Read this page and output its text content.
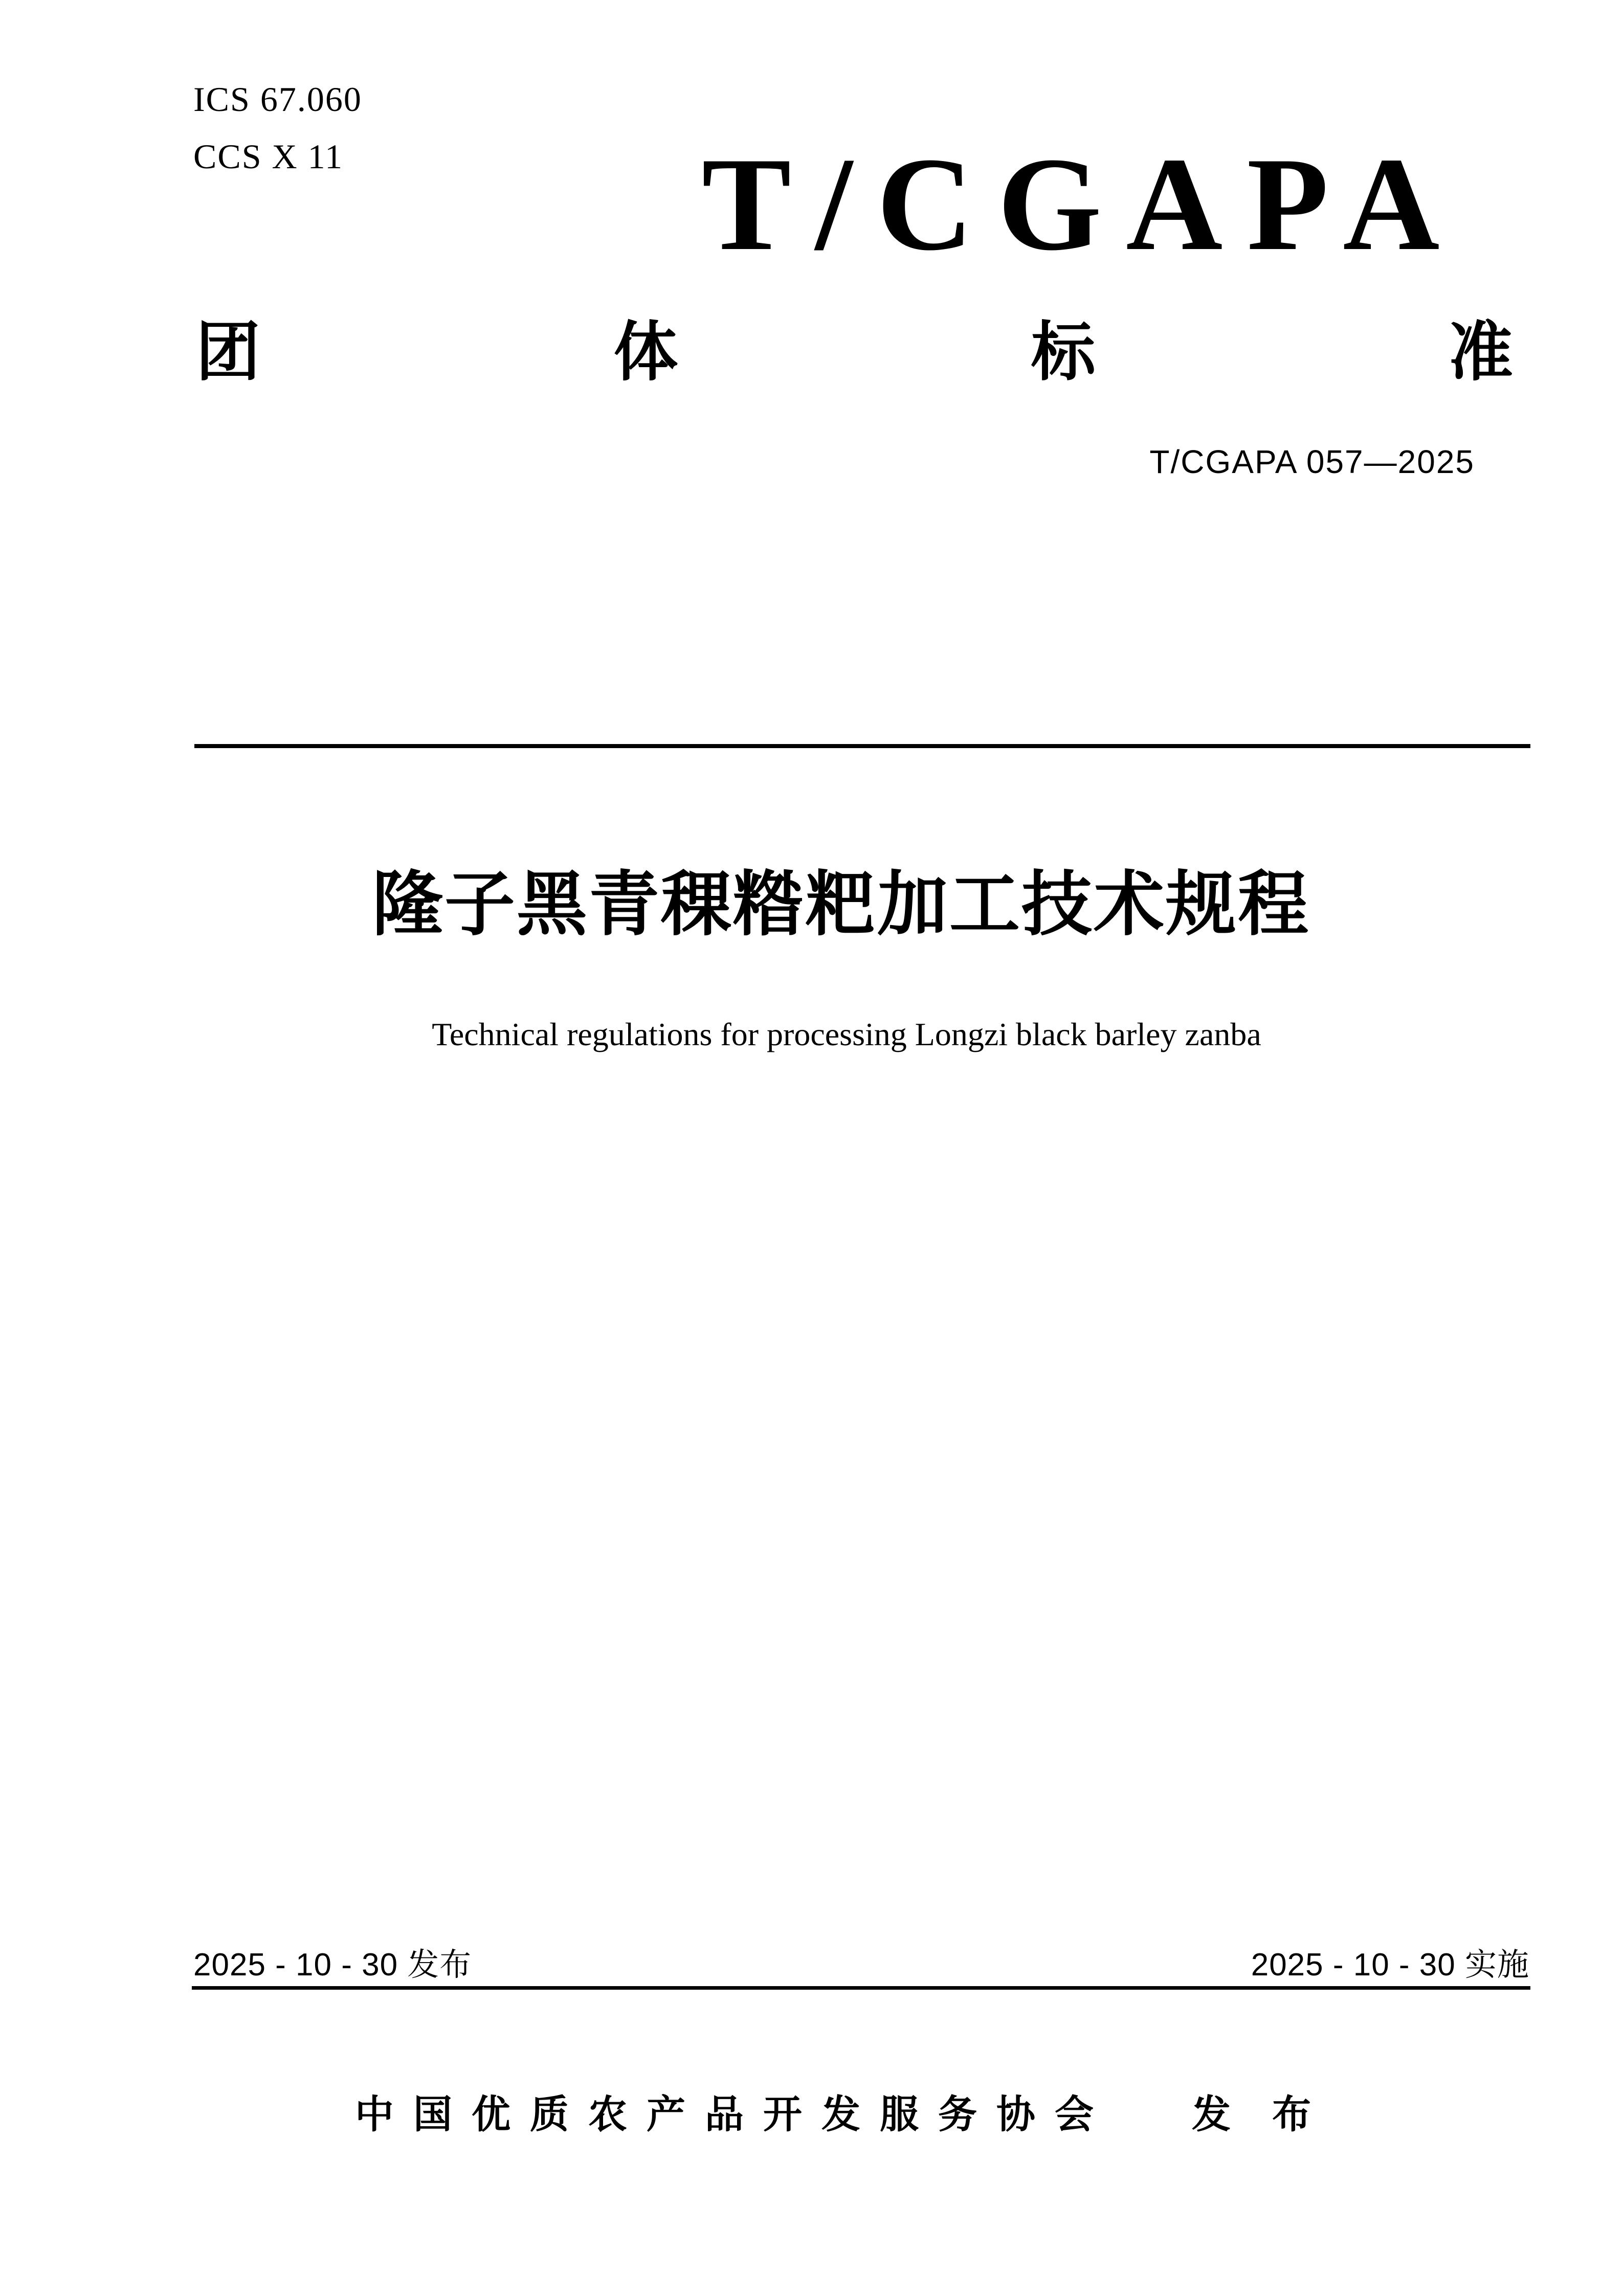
ICS 67.060
CCS X 11	T/CGAPA
团	体	标	准
T/CGAPA 057—2025
隆子黑青稞糌粑加工技术规程
Technical regulations for processing Longzi black barley zanba
2025 - 10 - 30 发布	2025 - 10 - 30 实施
中国优质农产品开发服务协会 发 布
